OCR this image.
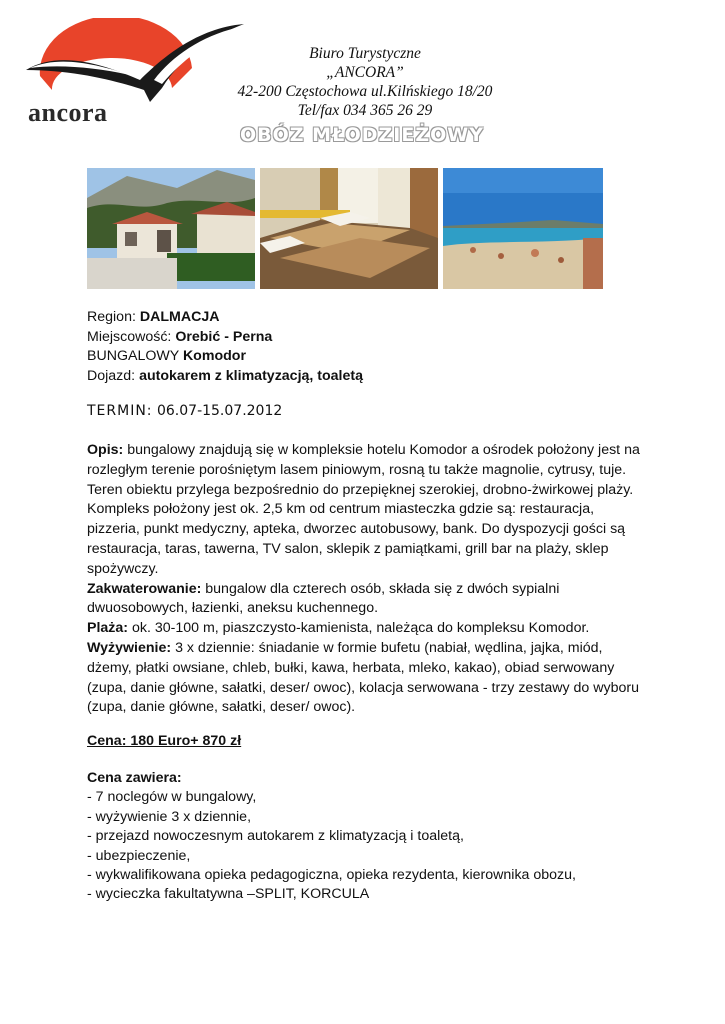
ancora
Biuro Turystyczne
„ANCORA”
42-200 Częstochowa ul.Kilńskiego 18/20
Tel/fax 034 365 26 29
OBÓZ MŁODZIEŻOWY

Region: DALMACJA

Miejscowość: Orebić - Perna

BUNGALOWY Komodor

Dojazd: autokarem z klimatyzacją, toaletą

TERMIN: 06.07-15.07.2012

Opis: bungalowy znajdują się w kompleksie hotelu Komodor a ośrodek położony jest na rozległym terenie porośniętym lasem piniowym, rosną tu także magnolie, cytrusy, tuje. Teren obiektu przylega bezpośrednio do przepięknej szerokiej, drobno-żwirkowej plaży. Kompleks położony jest ok. 2,5 km od centrum miasteczka gdzie są: restauracja, pizzeria, punkt medyczny, apteka, dworzec autobusowy, bank. Do dyspozycji gości są restauracja, taras, tawerna, TV salon, sklepik z pamiątkami, grill bar na plaży, sklep spożywczy.

Zakwaterowanie: bungalow dla czterech osób, składa się z dwóch sypialni dwuosobowych, łazienki, aneksu kuchennego.

Plaża: ok. 30-100 m, piaszczysto-kamienista, należąca do kompleksu Komodor.

Wyżywienie: 3 x dziennie: śniadanie w formie bufetu (nabiał, wędlina, jajka, miód, dżemy, płatki owsiane, chleb, bułki, kawa, herbata, mleko, kakao), obiad serwowany (zupa, danie główne, sałatki, deser/ owoc), kolacja serwowana - trzy zestawy do wyboru (zupa, danie główne, sałatki, deser/ owoc).

Cena: 180 Euro+ 870 zł
Cena zawiera:
- 7 noclegów w bungalowy,
- wyżywienie 3 x dziennie,
- przejazd nowoczesnym autokarem z klimatyzacją i toaletą,
- ubezpieczenie,
- wykwalifikowana opieka pedagogiczna, opieka rezydenta, kierownika obozu,
- wycieczka fakultatywna –SPLIT, KORCULA
